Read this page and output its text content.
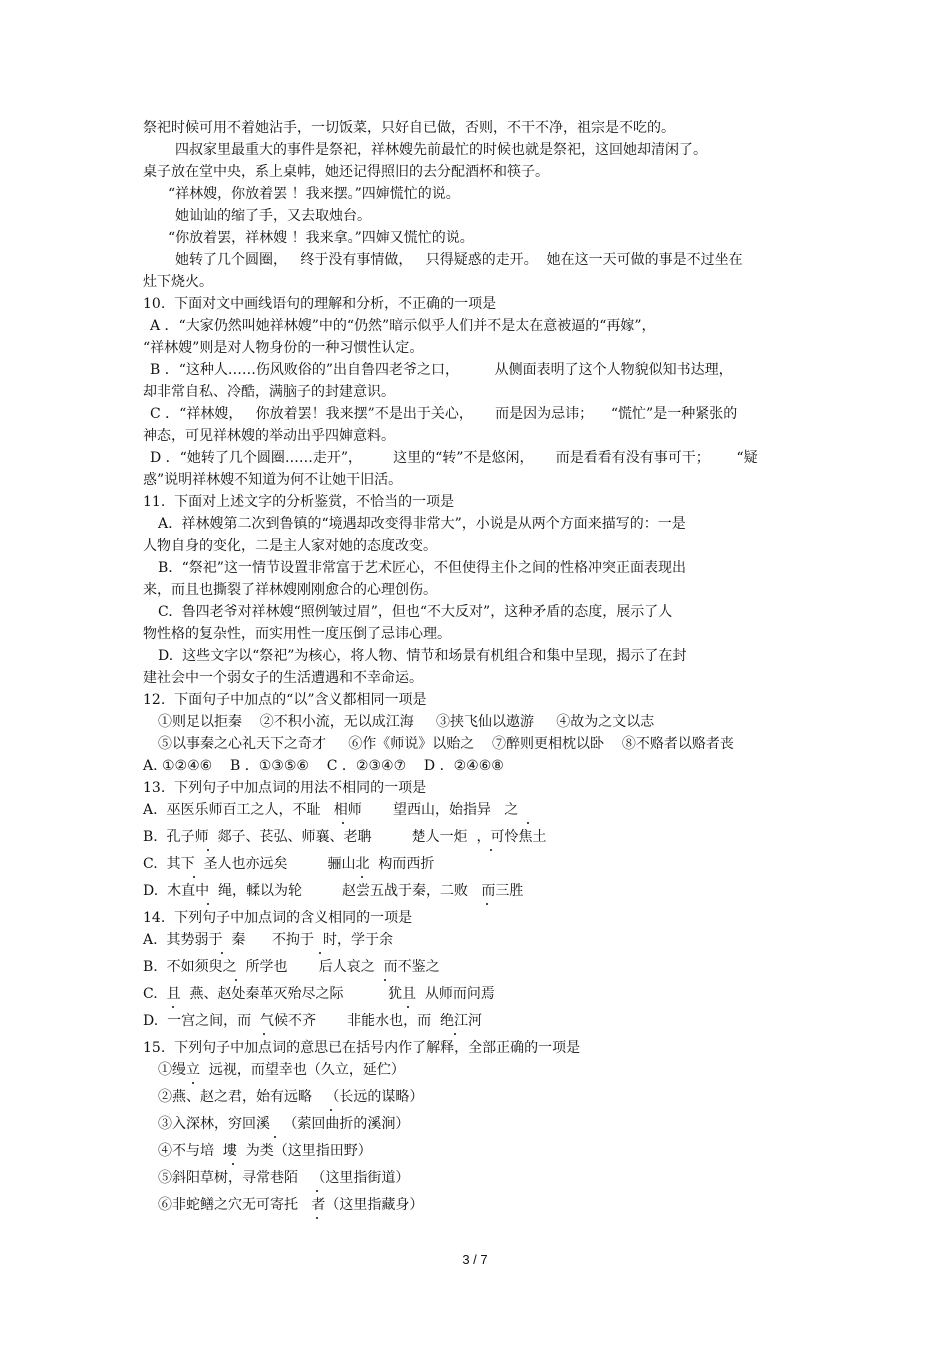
祭祀时候可用不着她沾手，一切饭菜，只好自已做，否则，不干不净，祖宗是不吃的。
四叔家里最重大的事件是祭祀，祥林嫂先前最忙的时候也就是祭祀，这回她却清闲了。
桌子放在堂中央，系上桌帏，她还记得照旧的去分配酒杯和筷子。
“祥林嫂，你放着罢 ！我来摆。”四婶慌忙的说。
她讪讪的缩了手，又去取烛台。
“你放着罢，祥林嫂 ！我来拿。”四婶又慌忙的说。
她转了几个圆圈，   终于没有事情做，   只得疑惑的走开。  她在这一天可做的事是不过坐在
灶下烧火。
10.  下面对文中画线语句的理解和分析，不正确的一项是
A ．“大家仍然叫她祥林嫂”中的“仍然”暗示似乎人们并不是太在意被逼的“再嫁”，
“祥林嫂”则是对人物身份的一种习惯性认定。
B ．“这种人……伤风败俗的”出自鲁四老爷之口，        从侧面表明了这个人物貌似知书达理，
却非常自私、冷酷，满脑子的封建意识。
C ．“祥林嫂，   你放着罢！我来摆”不是出于关心，     而是因为忌讳；    “慌忙”是一种紧张的
神态，可见祥林嫂的举动出乎四婶意料。
D ．“她转了几个圆圈……走开”，       这里的“转”不是悠闲，     而是看看有没有事可干；      “疑
惑”说明祥林嫂不知道为何不让她干旧活。
11.  下面对上述文字的分析鉴赏，不恰当的一项是
A.  祥林嫂第二次到鲁镇的“境遇却改变得非常大”，小说是从两个方面来描写的：一是
人物自身的变化，二是主人家对她的态度改变。
B.  “祭祀”这一情节设置非常富于艺术匠心，不但使得主仆之间的性格冲突正面表现出
来，而且也撕裂了祥林嫂刚刚愈合的心理创伤。
C.  鲁四老爷对祥林嫂“照例皱过眉”，但也“不大反对”，这种矛盾的态度，展示了人
物性格的复杂性，而实用性一度压倒了忌讳心理。
D.  这些文字以“祭祀”为核心，将人物、情节和场景有机组合和集中呈现，揭示了在封
建社会中一个弱女子的生活遭遇和不幸命运。
12.  下面句子中加点的“以”含义都相同一项是
①则足以拒秦    ②不积小流，无以成江海     ③挟飞仙以遨游     ④故为之文以志
⑤以事秦之心礼天下之奇才     ⑥作《师说》以贻之    ⑦醉则更相枕以卧    ⑧不赂者以赂者丧
A. ①②④⑥    B ．①③⑤⑥    C ．②③④⑦    D ．②④⑥⑧
13.  下列句子中加点词的用法不相同的一项是
A.  巫医乐师百工之人，不耻   相师       望西山，始指异   之
B.  孔子师  郯子、苌弘、师襄、老聃         楚人一炬  ，可怜焦土
C.  其下  圣人也亦远矣         骊山北  构而西折
D.  木直中  绳，輮以为轮         赵尝五战于秦，二败   而三胜
14.  下列句子中加点词的含义相同的一项是
A.  其势弱于  秦      不拘于  时，学于余
B.  不如须臾之  所学也       后人哀之  而不鉴之
C.  且  燕、赵处秦革灭殆尽之际          犹且  从师而问焉
D.  一宫之间，而  气候不齐       非能水也，而  绝江河
15.  下列句子中加点词的意思已在括号内作了解释，全部正确的一项是
①缦立  远视，而望幸也（久立，延伫）
②燕、赵之君，始有远略   （长远的谋略）
③入深林，穷回溪   （萦回曲折的溪涧）
④不与培  塿  为类（这里指田野）
⑤斜阳草树，寻常巷陌   （这里指街道）
⑥非蛇鳝之穴无可寄托   者（这里指藏身）
3 / 7
